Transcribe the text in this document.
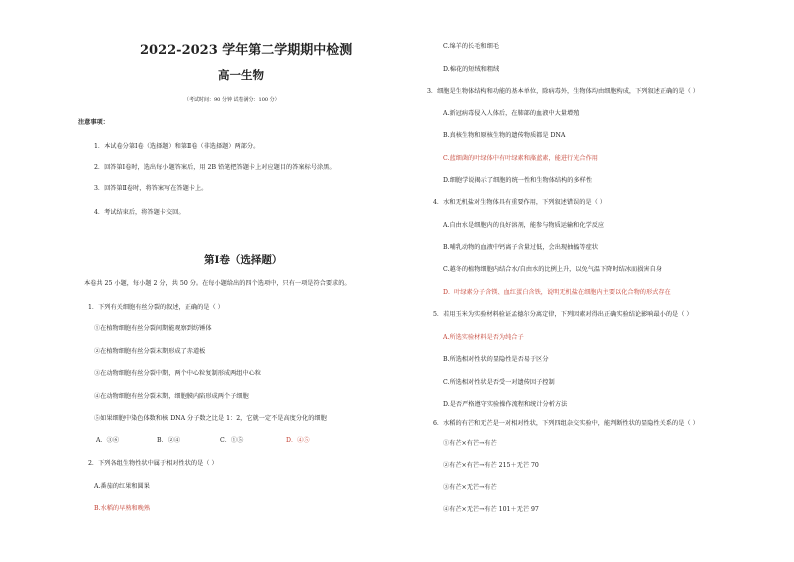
2022-2023 学年第二学期期中检测
高一生物
（考试时间：90 分钟 试卷满分：100 分）
注意事项：
1．本试卷分第Ⅰ卷（选择题）和第Ⅱ卷（非选择题）两部分。
2．回答第Ⅰ卷时，选出每小题答案后，用 2B 铅笔把答题卡上对应题目的答案标号涂黑。
3．回答第Ⅱ卷时，将答案写在答题卡上。
4．考试结束后，将答题卡交回。
第Ⅰ卷（选择题）
本卷共 25 小题，每小题 2 分，共 50 分。在每小题给出的四个选项中，只有一项是符合要求的。
1．下列有关细胞有丝分裂的叙述，正确的是（ ）
①在植物细胞有丝分裂间期能观察到纺锤体
②在植物细胞有丝分裂末期形成了赤道板
③在动物细胞有丝分裂中期，两个中心粒复制形成两组中心粒
④在动物细胞有丝分裂末期，细胞膜内陷形成两个子细胞
⑤如果细胞中染色体数和核 DNA 分子数之比是 1：2，它就一定不是高度分化的细胞
A．③⑥	B．②④	C．①⑤	D．④⑤
2．下列各组生物性状中属于相对性状的是（ ）
A.番茄的红果和圆果
B.水稻的早熟和晚熟
C.绵羊的长毛和细毛
D.棉花的短绒和粗绒
3．细胞是生物体结构和功能的基本单位，除病毒外，生物体均由细胞构成，下列叙述正确的是（ ）
A.新冠病毒侵入人体后，在肺部的血液中大量增殖
B.真核生物和原核生物的遗传物质都是 DNA
C.蓝细菌的叶绿体中有叶绿素和藻蓝素，能进行光合作用
D.细胞学说揭示了细胞的统一性和生物体结构的多样性
4．水和无机盐对生物体具有重要作用，下列叙述错误的是（ ）
A.自由水是细胞内的良好溶剂，能参与物质运输和化学反应
B.哺乳动物的血液中钙离子含量过低，会出现抽搐等症状
C.越冬的植物细胞内结合水/自由水的比例上升，以免气温下降时结冰而损害自身
D．叶绿素分子含镁、血红蛋白含铁，说明无机盐在细胞内主要以化合物的形式存在
5．若用玉米为实验材料验证孟德尔分离定律，下列因素对得出正确实验结论影响最小的是（ ）
A.所选实验材料是否为纯合子
B.所选相对性状的显隐性是否易于区分
C.所选相对性状是否受一对遗传因子控制
D.是否严格遵守实验操作流程和统计分析方法
6．水稻的有芒和无芒是一对相对性状，下列四组杂交实验中，能判断性状的显隐性关系的是（ ）
①有芒×有芒→有芒
②有芒×有芒→有芒 215＋无芒 70
③有芒×无芒→有芒
④有芒×无芒→有芒 101＋无芒 97
